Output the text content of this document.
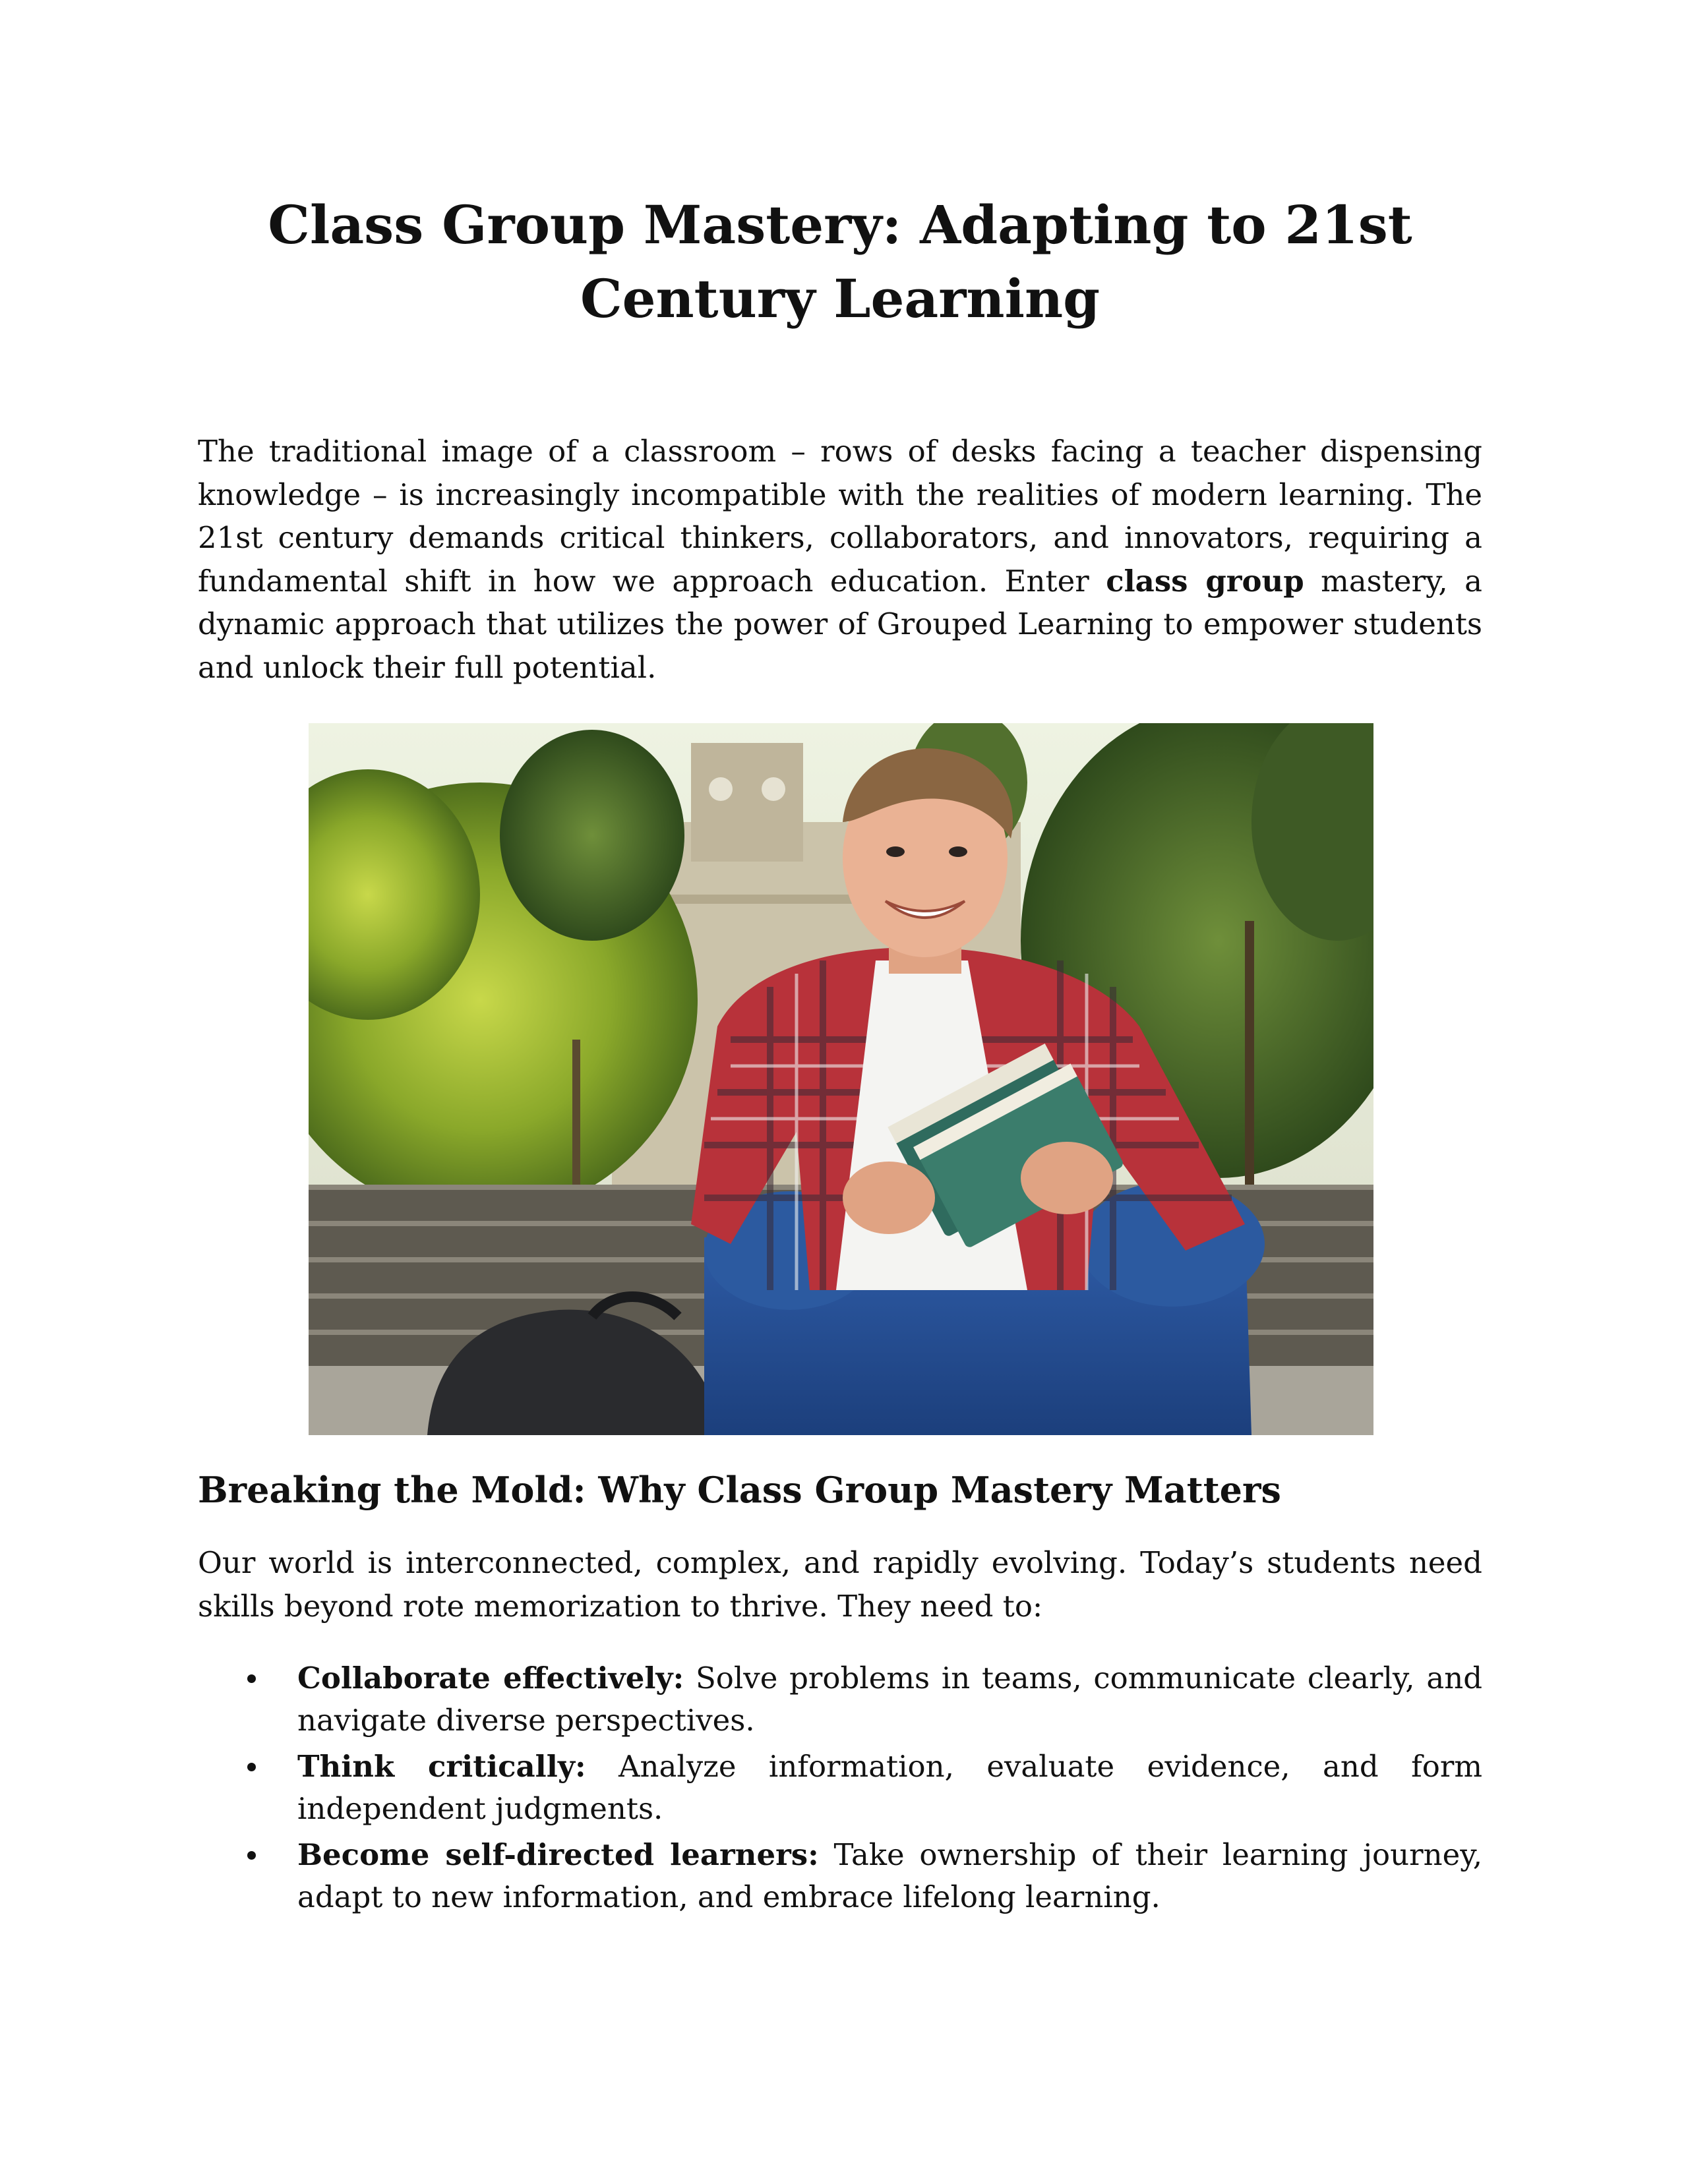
Class Group Mastery: Adapting to 21st Century Learning

The traditional image of a classroom – rows of desks facing a teacher dispensing knowledge – is increasingly incompatible with the realities of modern learning. The 21st century demands critical thinkers, collaborators, and innovators, requiring a fundamental shift in how we approach education. Enter class group mastery, a dynamic approach that utilizes the power of Grouped Learning to empower students and unlock their full potential.

Breaking the Mold: Why Class Group Mastery Matters

Our world is interconnected, complex, and rapidly evolving. Today’s students need skills beyond rote memorization to thrive. They need to:

Collaborate effectively: Solve problems in teams, communicate clearly, and navigate diverse perspectives.
Think critically: Analyze information, evaluate evidence, and form independent judgments.
Become self-directed learners: Take ownership of their learning journey, adapt to new information, and embrace lifelong learning.
